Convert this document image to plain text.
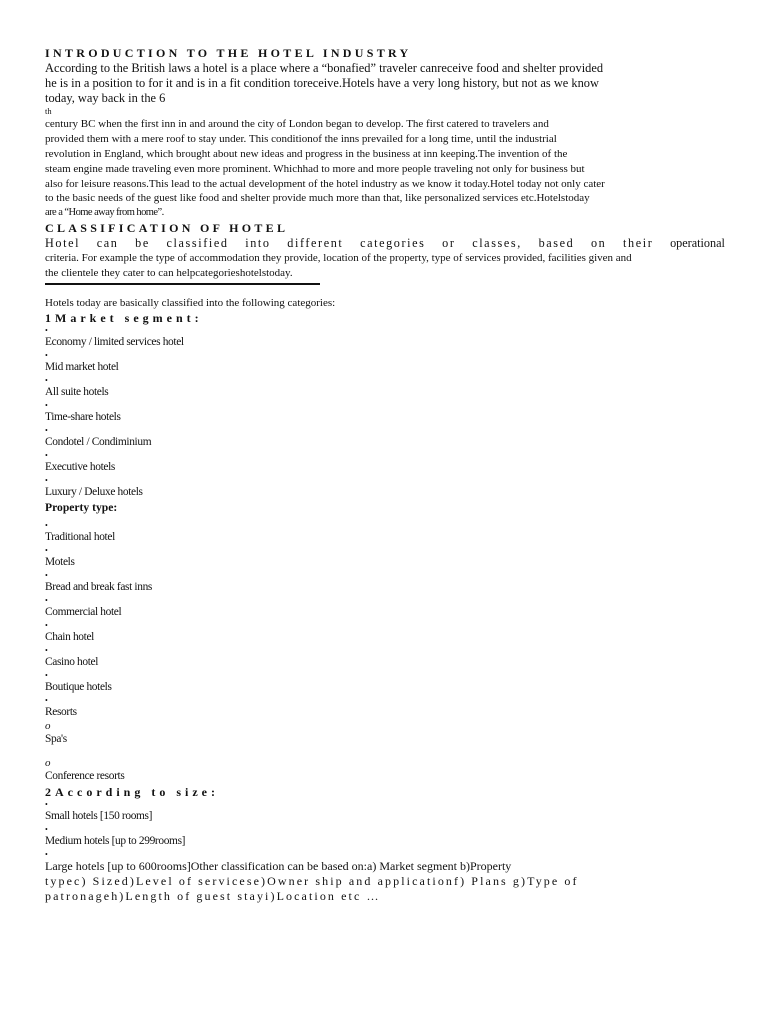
INTRODUCTION TO THE HOTEL INDUSTRY
According to the British laws a hotel is a place where a “bonafied” traveler canreceive food and shelter provided
he is in a position to for it and is in a fit condition toreceive.Hotels have a very long history, but not as we know
today, way back in the 6
th
century BC when the first inn in and around the city of London began to develop. The first catered to travelers and
provided them with a mere roof to stay under. This conditionof the inns prevailed for a long time, until the industrial
revolution in England, which brought about new ideas and progress in the business at inn keeping.The invention of the
steam engine made traveling even more prominent. Whichhad to more and more people traveling not only for business but
also for leisure reasons.This lead to the actual development of the hotel industry as we know it today.Hotel today not only cater
to the basic needs of the guest like food and shelter provide much more than that, like personalized services etc.Hotelstoday
are a “Home away from home”.
CLASSIFICATION OF HOTEL
Hotel can be classified into different categories or classes, based on their operational
criteria. For example the type of accommodation they provide, location of the property, type of services provided, facilities given and
the clientele they cater to can helpcategorieshotelstoday.
Hotels today are basically classified into the following categories:
1Market segment:
•
Economy / limited services hotel
•
Mid market hotel
•
All suite hotels
•
Time-share hotels
•
Condotel / Condiminium
•
Executive hotels
•
Luxury / Deluxe hotels
Property type:
•
Traditional hotel
•
Motels
•
Bread and break fast inns
•
Commercial hotel
•
Chain hotel
•
Casino hotel
•
Boutique hotels
•
Resorts
o
Spa's
o
Conference resorts
2According to size:
•
Small hotels [150 rooms]
•
Medium hotels [up to 299rooms]
•
Large hotels [up to 600rooms]Other classification can be based on:a) Market segment b)Property
typec) Sized)Level of servicese)Owner ship and applicationf) Plans g)Type of
patronageh)Length of guest stayi)Location etc …
